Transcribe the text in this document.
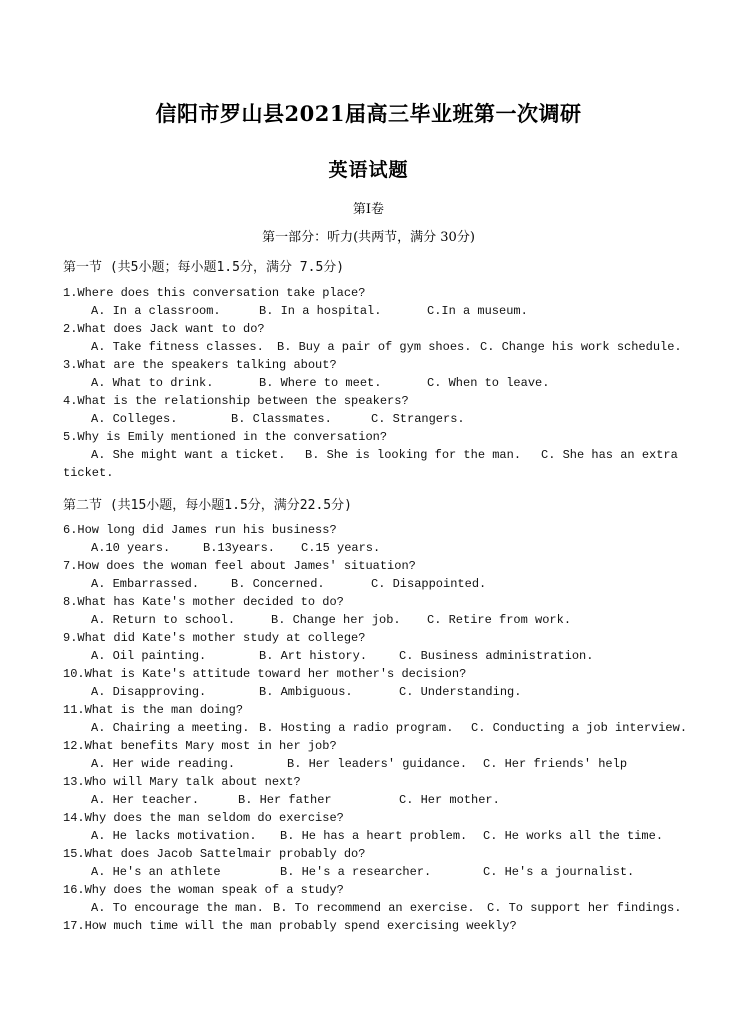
信阳市罗山县2021届高三毕业班第一次调研
英语试题
第I卷
第一部分：听力(共两节，满分 30分)
第一节 (共5小题；每小题1.5分，满分 7.5分)
1.Where does this conversation take place?
A. In a classroom.	B. In a hospital.	C.In a museum.
2.What does Jack want to do?
A. Take fitness classes. B. Buy a pair of gym shoes. C. Change his work schedule.
3.What are the speakers talking about?
A. What to drink.	B. Where to meet.	C. When to leave.
4.What is the relationship between the speakers?
A. Colleges.	B. Classmates.	C. Strangers.
5.Why is Emily mentioned in the conversation?
A. She might want a ticket. B. She is looking for the man. C. She has an extra
ticket.
第二节 (共15小题，每小题1.5分，满分22.5分)
6.How long did James run his business?
A.10 years.	B.13years. C.15 years.
7.How does the woman feel about James' situation?
A. Embarrassed.	B. Concerned.	C. Disappointed.
8.What has Kate's mother decided to do?
A. Return to school.	B. Change her job. C. Retire from work.
9.What did Kate's mother study at college?
A. Oil painting.	B. Art history.	C. Business administration.
10.What is Kate's attitude toward her mother's decision?
A. Disapproving.	B. Ambiguous.	C. Understanding.
11.What is the man doing?
A. Chairing a meeting. B. Hosting a radio program. C. Conducting a job interview.
12.What benefits Mary most in her job?
A. Her wide reading.	B. Her leaders' guidance. C. Her friends' help
13.Who will Mary talk about next?
A. Her teacher.	B. Her father	C. Her mother.
14.Why does the man seldom do exercise?
A. He lacks motivation. B. He has a heart problem. C. He works all the time.
15.What does Jacob Sattelmair probably do?
A. He's an athlete	B. He's a researcher.	C. He's a journalist.
16.Why does the woman speak of a study?
A. To encourage the man. B. To recommend an exercise. C. To support her findings.
17.How much time will the man probably spend exercising weekly?
